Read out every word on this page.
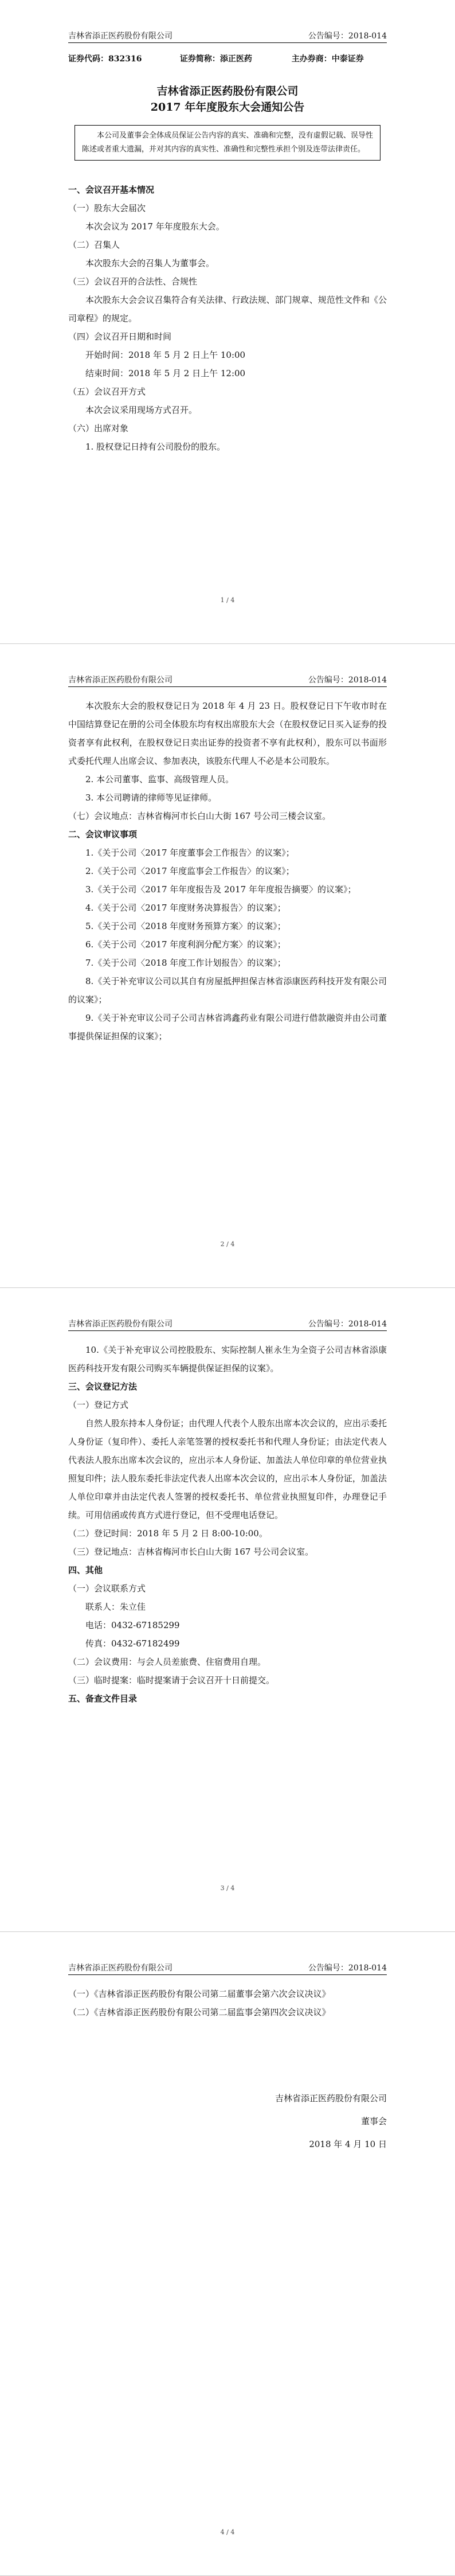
吉林省添正医药股份有限公司	公告编号：2018-014
证券代码：832316	证券简称：添正医药	主办券商：中泰证券
吉林省添正医药股份有限公司
2017 年年度股东大会通知公告
本公司及董事会全体成员保证公告内容的真实、准确和完整，没有虚假记载、误导性陈述或者重大遗漏，并对其内容的真实性、准确性和完整性承担个别及连带法律责任。

一、会议召开基本情况

（一）股东大会届次

本次会议为 2017 年年度股东大会。

（二）召集人

本次股东大会的召集人为董事会。

（三）会议召开的合法性、合规性

本次股东大会会议召集符合有关法律、行政法规、部门规章、规范性文件和《公司章程》的规定。

（四）会议召开日期和时间

开始时间：2018 年 5 月 2 日上午 10:00

结束时间：2018 年 5 月 2 日上午 12:00

（五）会议召开方式

本次会议采用现场方式召开。

（六）出席对象

1. 股权登记日持有公司股份的股东。

1 / 4
吉林省添正医药股份有限公司	公告编号：2018-014

本次股东大会的股权登记日为 2018 年 4 月 23 日。股权登记日下午收市时在中国结算登记在册的公司全体股东均有权出席股东大会（在股权登记日买入证券的投资者享有此权利，在股权登记日卖出证券的投资者不享有此权利），股东可以书面形式委托代理人出席会议、参加表决，该股东代理人不必是本公司股东。

2. 本公司董事、监事、高级管理人员。

3. 本公司聘请的律师等见证律师。

（七）会议地点：吉林省梅河市长白山大街 167 号公司三楼会议室。

二、会议审议事项

1.《关于公司〈2017 年度董事会工作报告〉的议案》；

2.《关于公司〈2017 年度监事会工作报告〉的议案》；

3.《关于公司〈2017 年年度报告及 2017 年年度报告摘要〉的议案》；

4.《关于公司〈2017 年度财务决算报告〉的议案》；

5.《关于公司〈2018 年度财务预算方案〉的议案》；

6.《关于公司〈2017 年度利润分配方案〉的议案》；

7.《关于公司〈2018 年度工作计划报告〉的议案》；

8.《关于补充审议公司以其自有房屋抵押担保吉林省添康医药科技开发有限公司的议案》；

9.《关于补充审议公司子公司吉林省鸿鑫药业有限公司进行借款融资并由公司董事提供保证担保的议案》；

2 / 4
吉林省添正医药股份有限公司	公告编号：2018-014

10.《关于补充审议公司控股股东、实际控制人崔永生为全资子公司吉林省添康医药科技开发有限公司购买车辆提供保证担保的议案》。

三、会议登记方法

（一）登记方式

自然人股东持本人身份证；由代理人代表个人股东出席本次会议的，应出示委托人身份证（复印件）、委托人亲笔签署的授权委托书和代理人身份证；由法定代表人代表法人股东出席本次会议的，应出示本人身份证、加盖法人单位印章的单位营业执照复印件；法人股东委托非法定代表人出席本次会议的，应出示本人身份证，加盖法人单位印章并由法定代表人签署的授权委托书、单位营业执照复印件，办理登记手续。可用信函或传真方式进行登记，但不受理电话登记。

（二）登记时间：2018 年 5 月 2 日 8:00-10:00。

（三）登记地点：吉林省梅河市长白山大街 167 号公司会议室。

四、其他

（一）会议联系方式

联系人：朱立佳

电话：0432-67185299

传真：0432-67182499

（二）会议费用：与会人员差旅费、住宿费用自理。

（三）临时提案：临时提案请于会议召开十日前提交。

五、备查文件目录

3 / 4
吉林省添正医药股份有限公司	公告编号：2018-014

（一）《吉林省添正医药股份有限公司第二届董事会第六次会议决议》

（二）《吉林省添正医药股份有限公司第二届监事会第四次会议决议》

吉林省添正医药股份有限公司
董事会
2018 年 4 月 10 日
4 / 4
